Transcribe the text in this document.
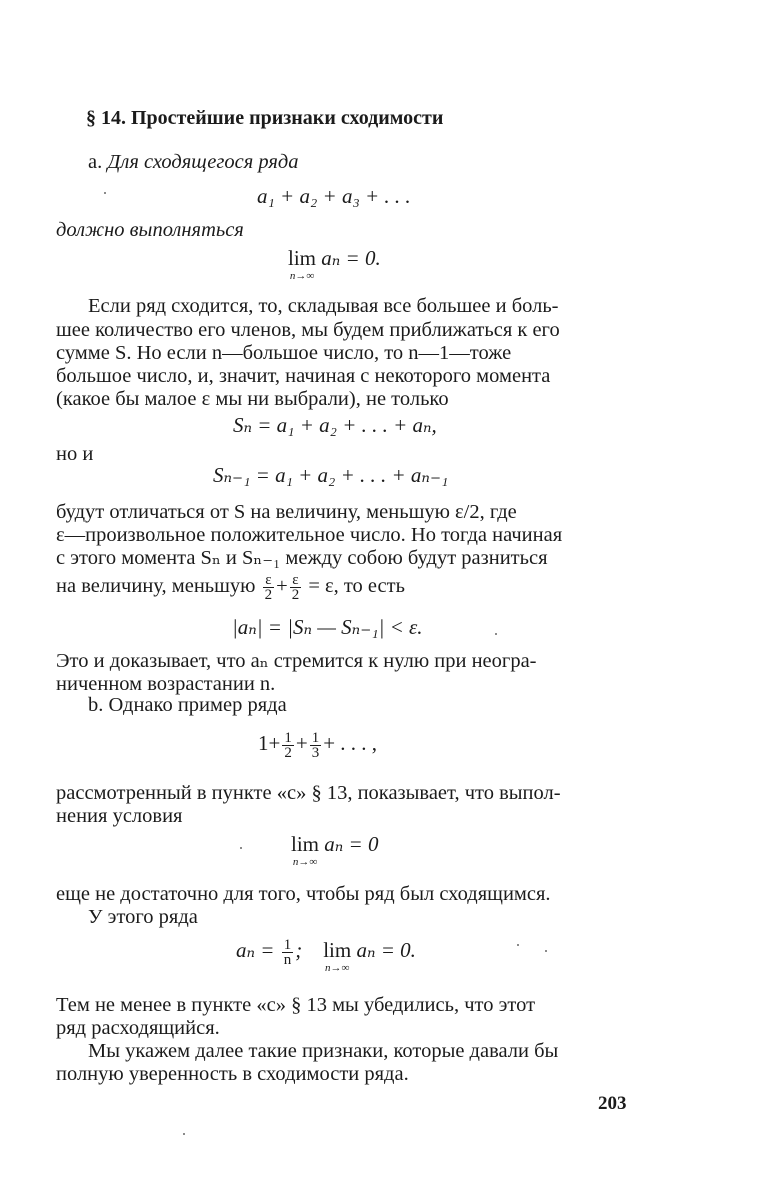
§ 14. Простейшие признаки сходимости
a. Для сходящегося ряда
a₁ + a₂ + a₃ + . . .
должно выполняться
lim
n→∞
aₙ = 0.
Если ряд сходится, то, складывая все большее и боль-
шее количество его членов, мы будем приближаться к его
сумме S. Но если n—большое число, то n—1—тоже
большое число, и, значит, начиная с некоторого момента
(какое бы малое ε мы ни выбрали), не только
Sₙ = a₁ + a₂ + . . . + aₙ,
но и
Sₙ₋₁ = a₁ + a₂ + . . . + aₙ₋₁
будут отличаться от S на величину, меньшую ε/2, где
ε—произвольное положительное число. Но тогда начиная
с этого момента Sₙ и Sₙ₋₁ между собою будут разниться
на величину, меньшую $\frac{\varepsilon}{2} + \frac{\varepsilon}{2} = \varepsilon$, то есть
|aₙ| = |Sₙ — Sₙ₋₁| < ε.
Это и доказывает, что aₙ стремится к нулю при неогра-
ниченном возрастании n.
b. Однако пример ряда
$1+ \frac{1}{2} + \frac{1}{3}$ + . . . ,
рассмотренный в пункте «с» § 13, показывает, что выпол-
нения условия
lim
n→∞
aₙ = 0
еще не достаточно для того, чтобы ряд был сходящимся.
У этого ряда
$a_n = \frac{1}{n}$ ; lim
n→∞
aₙ = 0.
Тем не менее в пункте «с» § 13 мы убедились, что этот
ряд расходящийся.
Мы укажем далее такие признаки, которые давали бы
полную уверенность в сходимости ряда.
203
